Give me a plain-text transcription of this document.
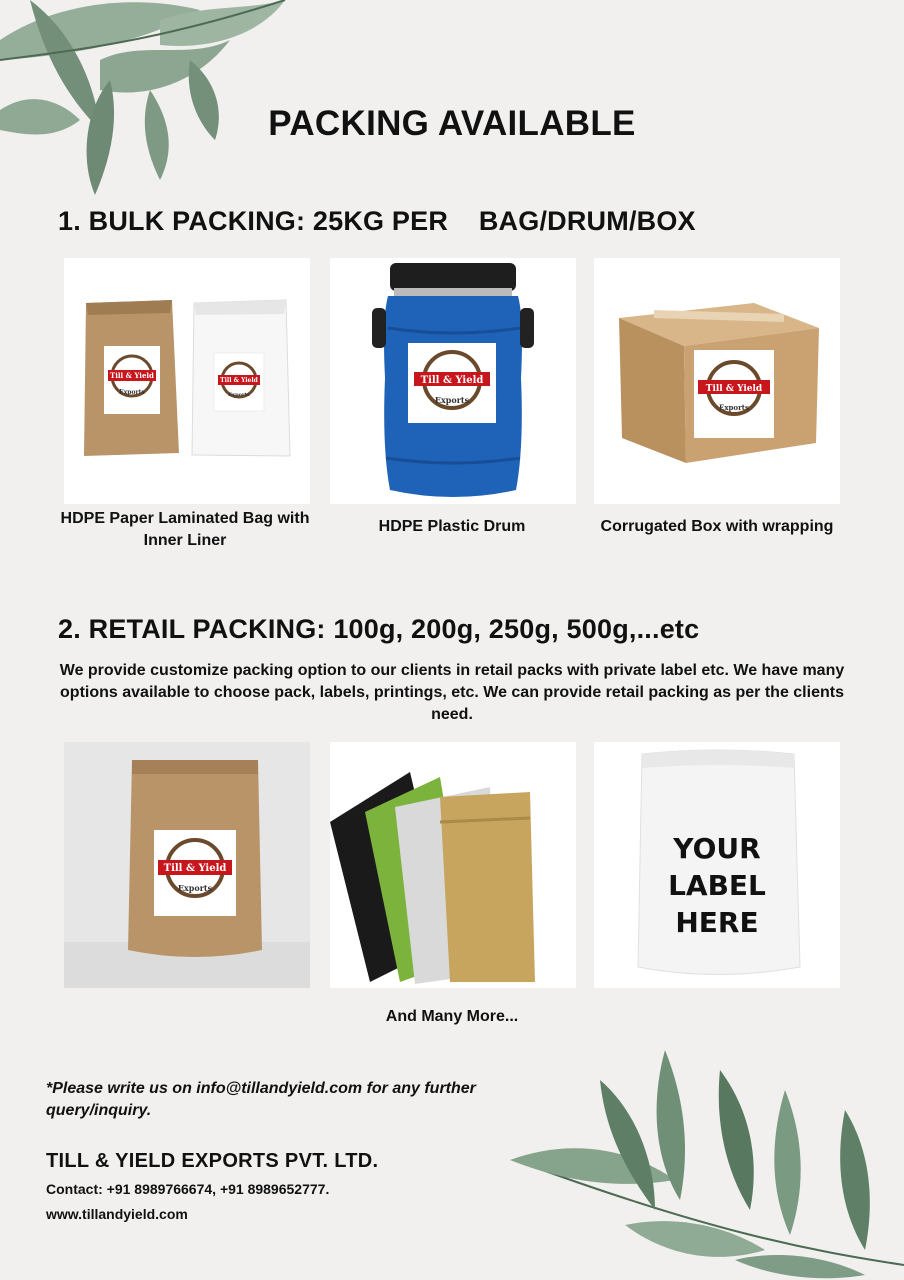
PACKING AVAILABLE
1. BULK PACKING: 25KG PER    BAG/DRUM/BOX
Till & Yield
Exports
Till & Yield
Exports
HDPE Paper Laminated Bag with Inner Liner
Till & Yield
Exports
HDPE Plastic Drum
Till & Yield
Exports
Corrugated Box with wrapping
2. RETAIL PACKING: 100g, 200g, 250g, 500g,...etc

We provide customize packing option to our clients in retail packs with private label etc. We have many options available to choose pack, labels, printings, etc. We can provide retail packing as per the clients need.

Till & Yield
Exports
YOUR
LABEL
HERE
And Many More...

*Please write us on info@tillandyield.com for any further query/inquiry.

TILL & YIELD EXPORTS PVT. LTD.
Contact: +91 8989766674, +91 8989652777.
www.tillandyield.com
